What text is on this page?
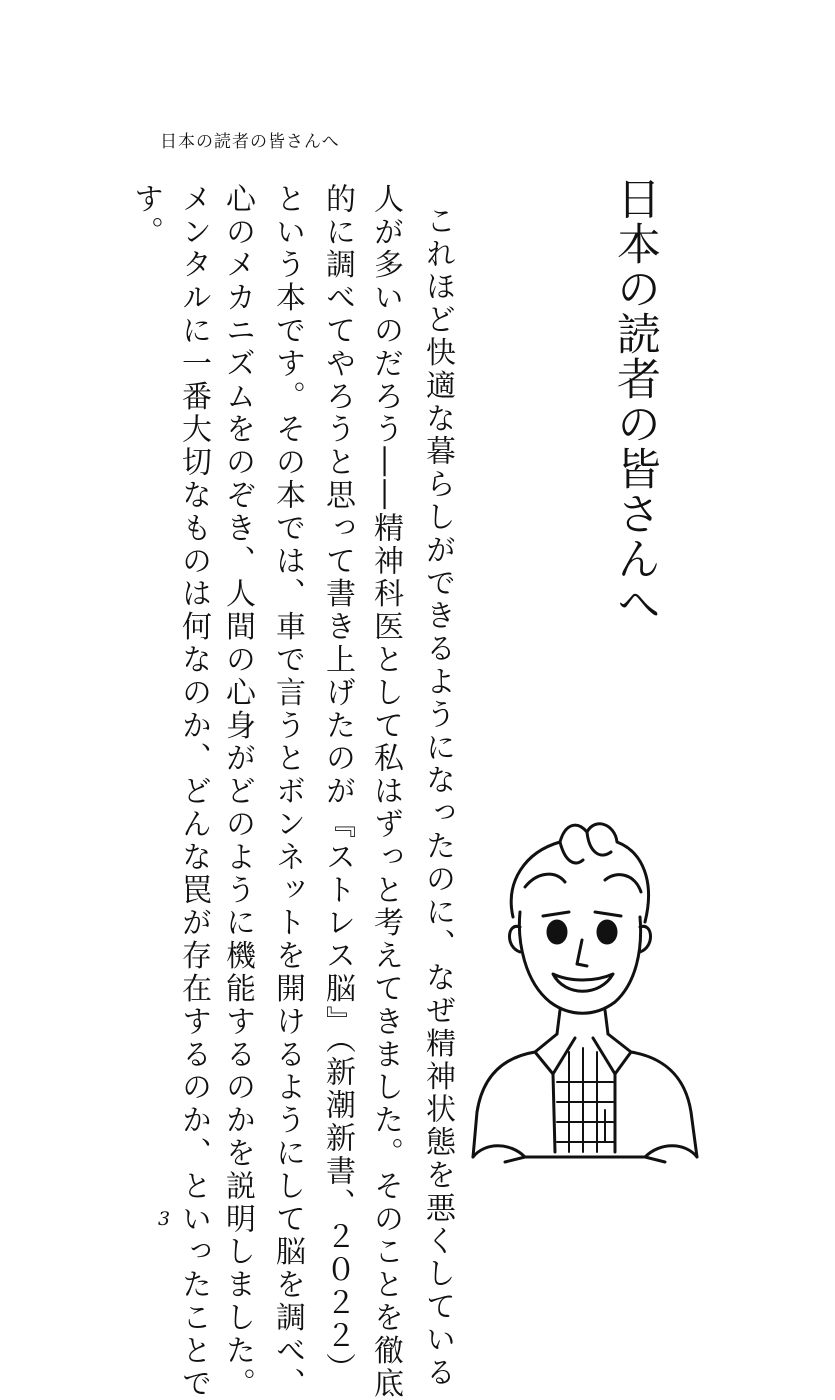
日本の読者の皆さんへ
日本の読者の皆さんへ
これほど快適な暮らしができるようになったのに、なぜ精神状態を悪くしている
人が多いのだろう――精神科医として私はずっと考えてきました。そのことを徹底
的に調べてやろうと思って書き上げたのが『ストレス脳』（新潮新書、２０２２）
という本です。その本では、車で言うとボンネットを開けるようにして脳を調べ、
心のメカニズムをのぞき、人間の心身がどのように機能するのかを説明しました。
メンタルに一番大切なものは何なのか、どんな罠が存在するのか、といったことで
す。
3
